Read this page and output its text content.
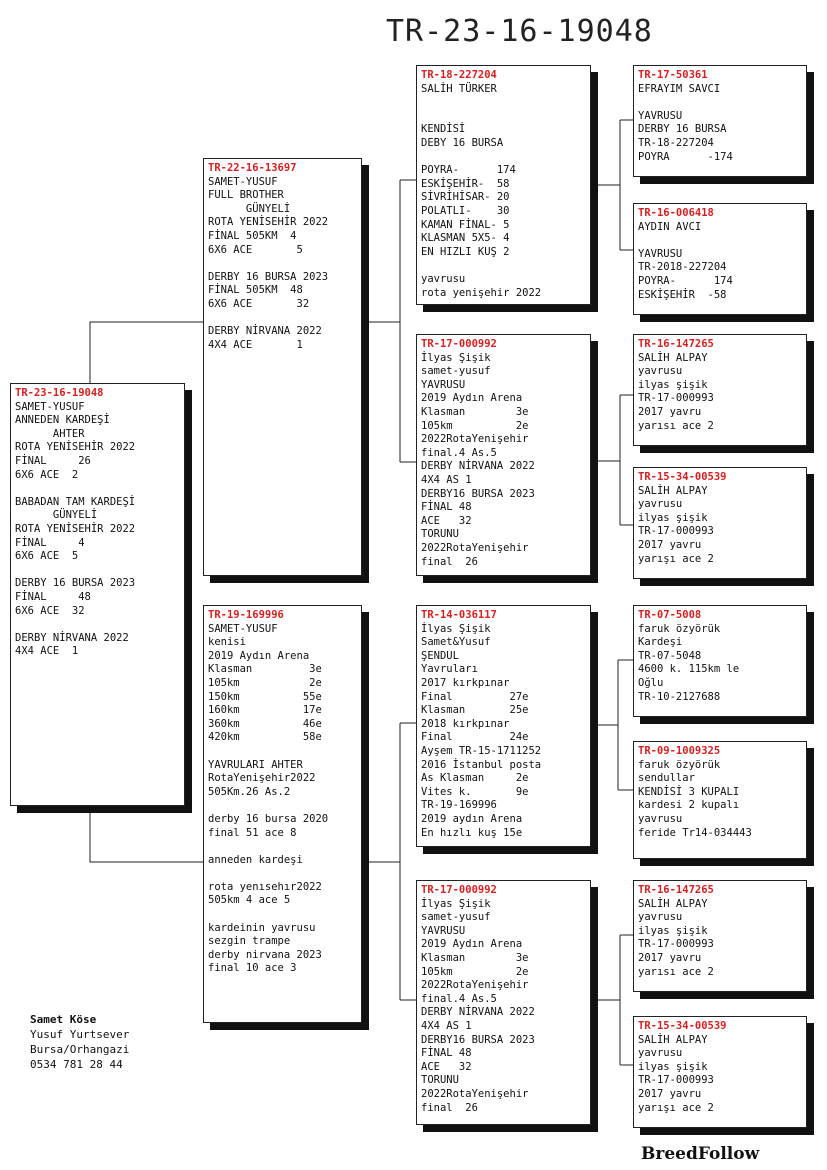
TR-23-16-19048
TR-23-16-19048
SAMET-YUSUF
ANNEDEN KARDEŞİ
AHTER
ROTA YENİSEHİR 2022
FİNAL     26
6X6 ACE  2

BABADAN TAM KARDEŞİ
GÜNYELİ
ROTA YENİSEHİR 2022
FİNAL     4
6X6 ACE  5

DERBY 16 BURSA 2023
FİNAL     48
6X6 ACE  32

DERBY NİRVANA 2022
4X4 ACE  1
TR-22-16-13697
SAMET-YUSUF
FULL BROTHER
GÜNYELİ
ROTA YENİSEHİR 2022
FİNAL 505KM  4
6X6 ACE       5

DERBY 16 BURSA 2023
FİNAL 505KM  48
6X6 ACE       32

DERBY NİRVANA 2022
4X4 ACE       1
TR-19-169996
SAMET-YUSUF
kenisi
2019 Aydın Arena
Klasman         3e
105km           2e
150km          55e
160km          17e
360km          46e
420km          58e

YAVRULARI AHTER
RotaYenişehir2022
505Km.26 As.2

derby 16 bursa 2020
final 51 ace 8

anneden kardeşi

rota yenısehır2022
505km 4 ace 5

kardeinin yavrusu
sezgin trampe
derby nirvana 2023
final 10 ace 3
TR-18-227204
SALİH TÜRKER

KENDİSİ
DEBY 16 BURSA

POYRA-      174
ESKİŞEHİR-  58
SİVRİHİSAR- 20
POLATLI-    30
KAMAN FİNAL- 5
KLASMAN 5X5- 4
EN HIZLI KUŞ 2

yavrusu
rota yenişehir 2022
TR-17-000992
İlyas Şişik
samet-yusuf
YAVRUSU
2019 Aydın Arena
Klasman        3e
105km          2e
2022RotaYenişehir
final.4 As.5
DERBY NİRVANA 2022
4X4 AS 1
DERBY16 BURSA 2023
FİNAL 48
ACE   32
TORUNU
2022RotaYenişehir
final  26
TR-14-036117
İlyas Şişik
Samet&Yusuf
ŞENDUL
Yavruları
2017 kırkpınar
Final         27e
Klasman       25e
2018 kırkpınar
Final         24e
Ayşem TR-15-1711252
2016 İstanbul posta
As Klasman     2e
Vites k.       9e
TR-19-169996
2019 aydın Arena
En hızlı kuş 15e
TR-17-000992
İlyas Şişik
samet-yusuf
YAVRUSU
2019 Aydın Arena
Klasman        3e
105km          2e
2022RotaYenişehir
final.4 As.5
DERBY NİRVANA 2022
4X4 AS 1
DERBY16 BURSA 2023
FİNAL 48
ACE   32
TORUNU
2022RotaYenişehir
final  26
TR-17-50361
EFRAYIM SAVCI

YAVRUSU
DERBY 16 BURSA
TR-18-227204
POYRA      -174
TR-16-006418
AYDIN AVCI

YAVRUSU
TR-2018-227204
POYRA-      174
ESKİŞEHİR  -58
TR-16-147265
SALİH ALPAY
yavrusu
ilyas şişik
TR-17-000993
2017 yavru
yarısı ace 2
TR-15-34-00539
SALİH ALPAY
yavrusu
ilyas şişik
TR-17-000993
2017 yavru
yarışı ace 2
TR-07-5008
faruk özyörük
Kardeşi
TR-07-5048
4600 k. 115km le
Oğlu
TR-10-2127688
TR-09-1009325
faruk özyörük
sendullar
KENDİSİ 3 KUPALI
kardesi 2 kupalı
yavrusu
feride Tr14-034443
TR-16-147265
SALİH ALPAY
yavrusu
ilyas şişik
TR-17-000993
2017 yavru
yarısı ace 2
TR-15-34-00539
SALİH ALPAY
yavrusu
ilyas şişik
TR-17-000993
2017 yavru
yarışı ace 2
Samet Köse
Yusuf Yurtsever
Bursa/Orhangazi
0534 781 28 44
BreedFollow
